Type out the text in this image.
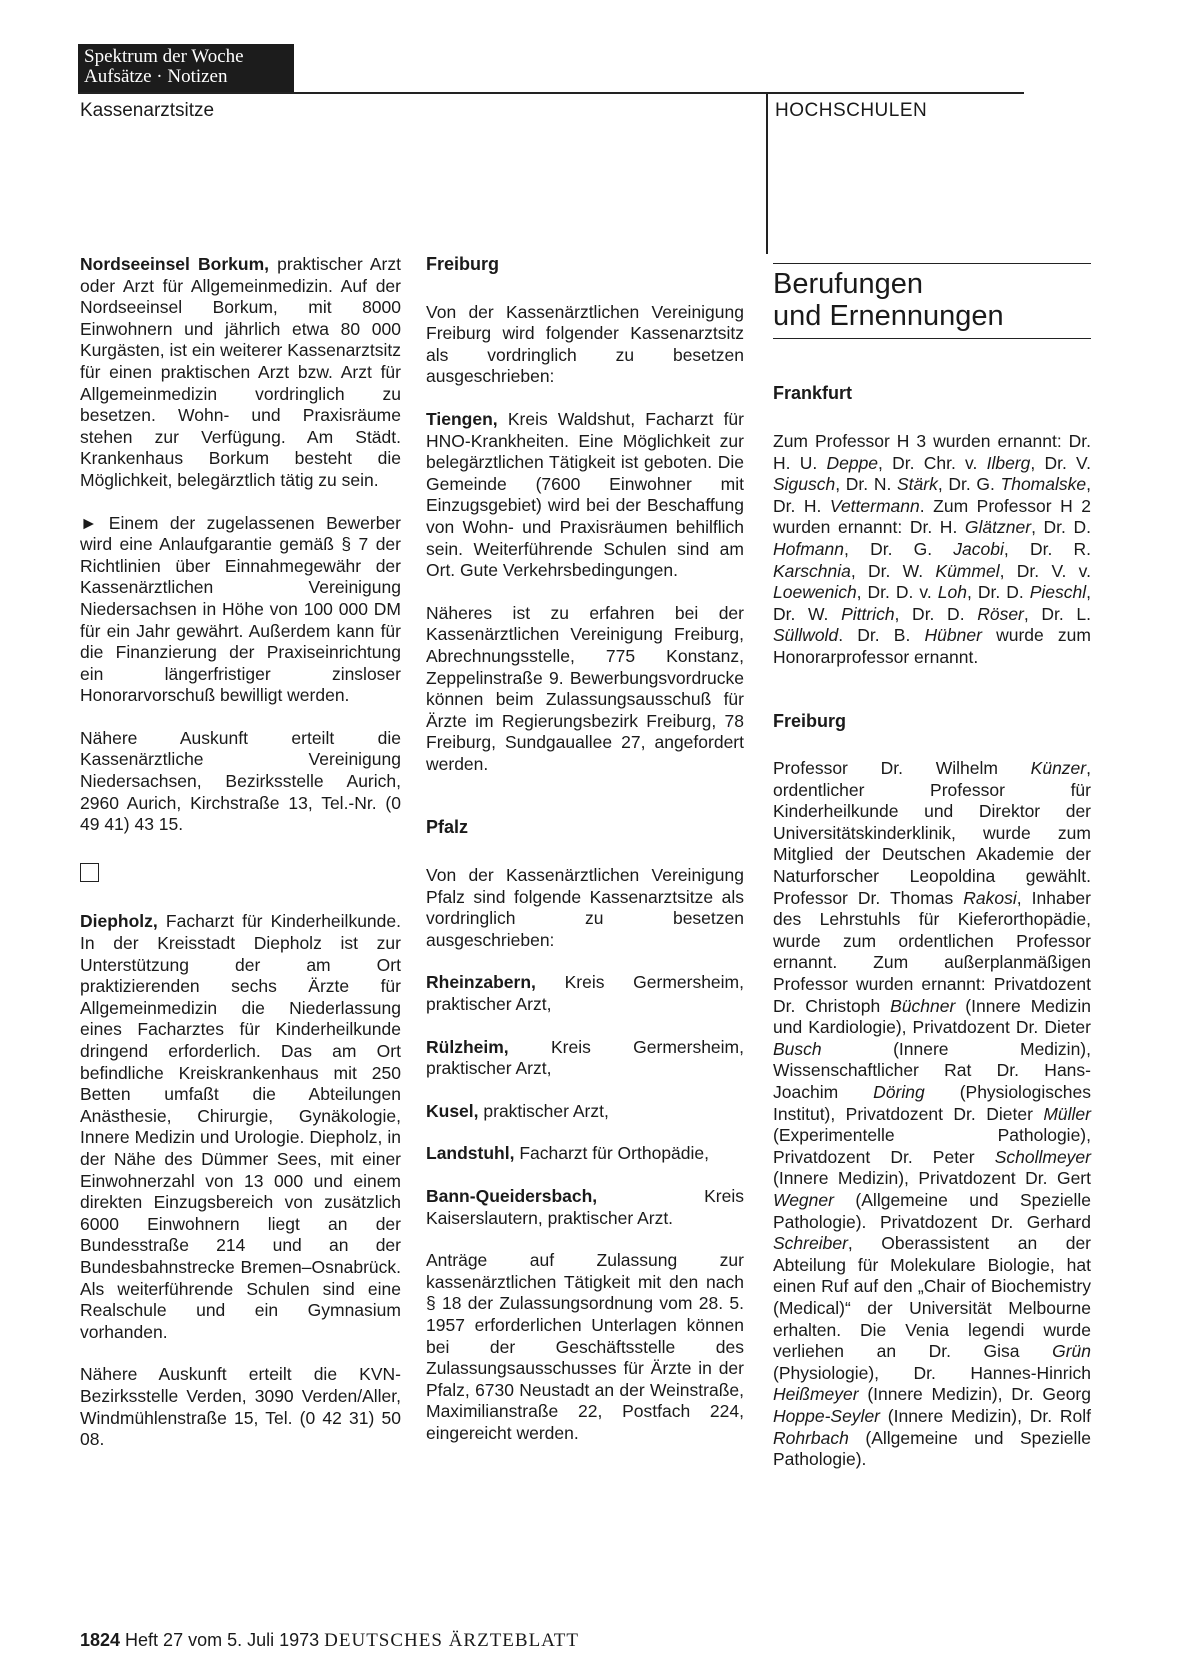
Spektrum der Woche
Aufsätze · Notizen
Kassenarztsitze	HOCHSCHULEN

Nordseeinsel Borkum, praktischer Arzt oder Arzt für Allgemeinmedizin. Auf der Nordseeinsel Borkum, mit 8000 Einwohnern und jährlich etwa 80 000 Kurgästen, ist ein weiterer Kassenarztsitz für einen praktischen Arzt bzw. Arzt für Allgemeinmedizin vordringlich zu besetzen. Wohn- und Praxisräume stehen zur Verfügung. Am Städt. Krankenhaus Borkum besteht die Möglichkeit, belegärztlich tätig zu sein.

► Einem der zugelassenen Bewerber wird eine Anlaufgarantie gemäß § 7 der Richtlinien über Einnahmegewähr der Kassenärztlichen Vereinigung Niedersachsen in Höhe von 100 000 DM für ein Jahr gewährt. Außerdem kann für die Finanzierung der Praxiseinrichtung ein längerfristiger zinsloser Honorarvorschuß bewilligt werden.

Nähere Auskunft erteilt die Kassenärztliche Vereinigung Niedersachsen, Bezirksstelle Aurich, 2960 Aurich, Kirchstraße 13, Tel.-Nr. (0 49 41) 43 15.

Diepholz, Facharzt für Kinderheilkunde. In der Kreisstadt Diepholz ist zur Unterstützung der am Ort praktizierenden sechs Ärzte für Allgemeinmedizin die Niederlassung eines Facharztes für Kinderheilkunde dringend erforderlich. Das am Ort befindliche Kreiskrankenhaus mit 250 Betten umfaßt die Abteilungen Anästhesie, Chirurgie, Gynäkologie, Innere Medizin und Urologie. Diepholz, in der Nähe des Dümmer Sees, mit einer Einwohnerzahl von 13 000 und einem direkten Einzugsbereich von zusätzlich 6000 Einwohnern liegt an der Bundesstraße 214 und an der Bundesbahnstrecke Bremen–Osnabrück. Als weiterführende Schulen sind eine Realschule und ein Gymnasium vorhanden.

Nähere Auskunft erteilt die KVN-Bezirksstelle Verden, 3090 Verden/Aller, Windmühlenstraße 15, Tel. (0 42 31) 50 08.

Freiburg

Von der Kassenärztlichen Vereinigung Freiburg wird folgender Kassenarztsitz als vordringlich zu besetzen ausgeschrieben:

Tiengen, Kreis Waldshut, Facharzt für HNO-Krankheiten. Eine Möglichkeit zur belegärztlichen Tätigkeit ist geboten. Die Gemeinde (7600 Einwohner mit Einzugsgebiet) wird bei der Beschaffung von Wohn- und Praxisräumen behilflich sein. Weiterführende Schulen sind am Ort. Gute Verkehrsbedingungen.

Näheres ist zu erfahren bei der Kassenärztlichen Vereinigung Freiburg, Abrechnungsstelle, 775 Konstanz, Zeppelinstraße 9. Bewerbungsvordrucke können beim Zulassungsausschuß für Ärzte im Regierungsbezirk Freiburg, 78 Freiburg, Sundgauallee 27, angefordert werden.

Pfalz

Von der Kassenärztlichen Vereinigung Pfalz sind folgende Kassenarztsitze als vordringlich zu besetzen ausgeschrieben:

Rheinzabern, Kreis Germersheim, praktischer Arzt,

Rülzheim, Kreis Germersheim, praktischer Arzt,

Kusel, praktischer Arzt,

Landstuhl, Facharzt für Orthopädie,

Bann-Queidersbach, Kreis Kaiserslautern, praktischer Arzt.

Anträge auf Zulassung zur kassenärztlichen Tätigkeit mit den nach § 18 der Zulassungsordnung vom 28. 5. 1957 erforderlichen Unterlagen können bei der Geschäftsstelle des Zulassungsausschusses für Ärzte in der Pfalz, 6730 Neustadt an der Weinstraße, Maximilianstraße 22, Postfach 224, eingereicht werden.

Berufungen
und Ernennungen
Frankfurt

Zum Professor H 3 wurden ernannt: Dr. H. U. Deppe, Dr. Chr. v. Ilberg, Dr. V. Sigusch, Dr. N. Stärk, Dr. G. Thomalske, Dr. H. Vettermann. Zum Professor H 2 wurden ernannt: Dr. H. Glätzner, Dr. D. Hofmann, Dr. G. Jacobi, Dr. R. Karschnia, Dr. W. Kümmel, Dr. V. v. Loewenich, Dr. D. v. Loh, Dr. D. Pieschl, Dr. W. Pittrich, Dr. D. Röser, Dr. L. Süllwold. Dr. B. Hübner wurde zum Honorarprofessor ernannt.

Freiburg

Professor Dr. Wilhelm Künzer, ordentlicher Professor für Kinderheilkunde und Direktor der Universitätskinderklinik, wurde zum Mitglied der Deutschen Akademie der Naturforscher Leopoldina gewählt. Professor Dr. Thomas Rakosi, Inhaber des Lehrstuhls für Kieferorthopädie, wurde zum ordentlichen Professor ernannt. Zum außerplanmäßigen Professor wurden ernannt: Privatdozent Dr. Christoph Büchner (Innere Medizin und Kardiologie), Privatdozent Dr. Dieter Busch (Innere Medizin), Wissenschaftlicher Rat Dr. Hans-Joachim Döring (Physiologisches Institut), Privatdozent Dr. Dieter Müller (Experimentelle Pathologie), Privatdozent Dr. Peter Schollmeyer (Innere Medizin), Privatdozent Dr. Gert Wegner (Allgemeine und Spezielle Pathologie). Privatdozent Dr. Gerhard Schreiber, Oberassistent an der Abteilung für Molekulare Biologie, hat einen Ruf auf den „Chair of Biochemistry (Medical)“ der Universität Melbourne erhalten. Die Venia legendi wurde verliehen an Dr. Gisa Grün (Physiologie), Dr. Hannes-Hinrich Heißmeyer (Innere Medizin), Dr. Georg Hoppe-Seyler (Innere Medizin), Dr. Rolf Rohrbach (Allgemeine und Spezielle Pathologie).

1824 Heft 27 vom 5. Juli 1973 DEUTSCHES ÄRZTEBLATT
